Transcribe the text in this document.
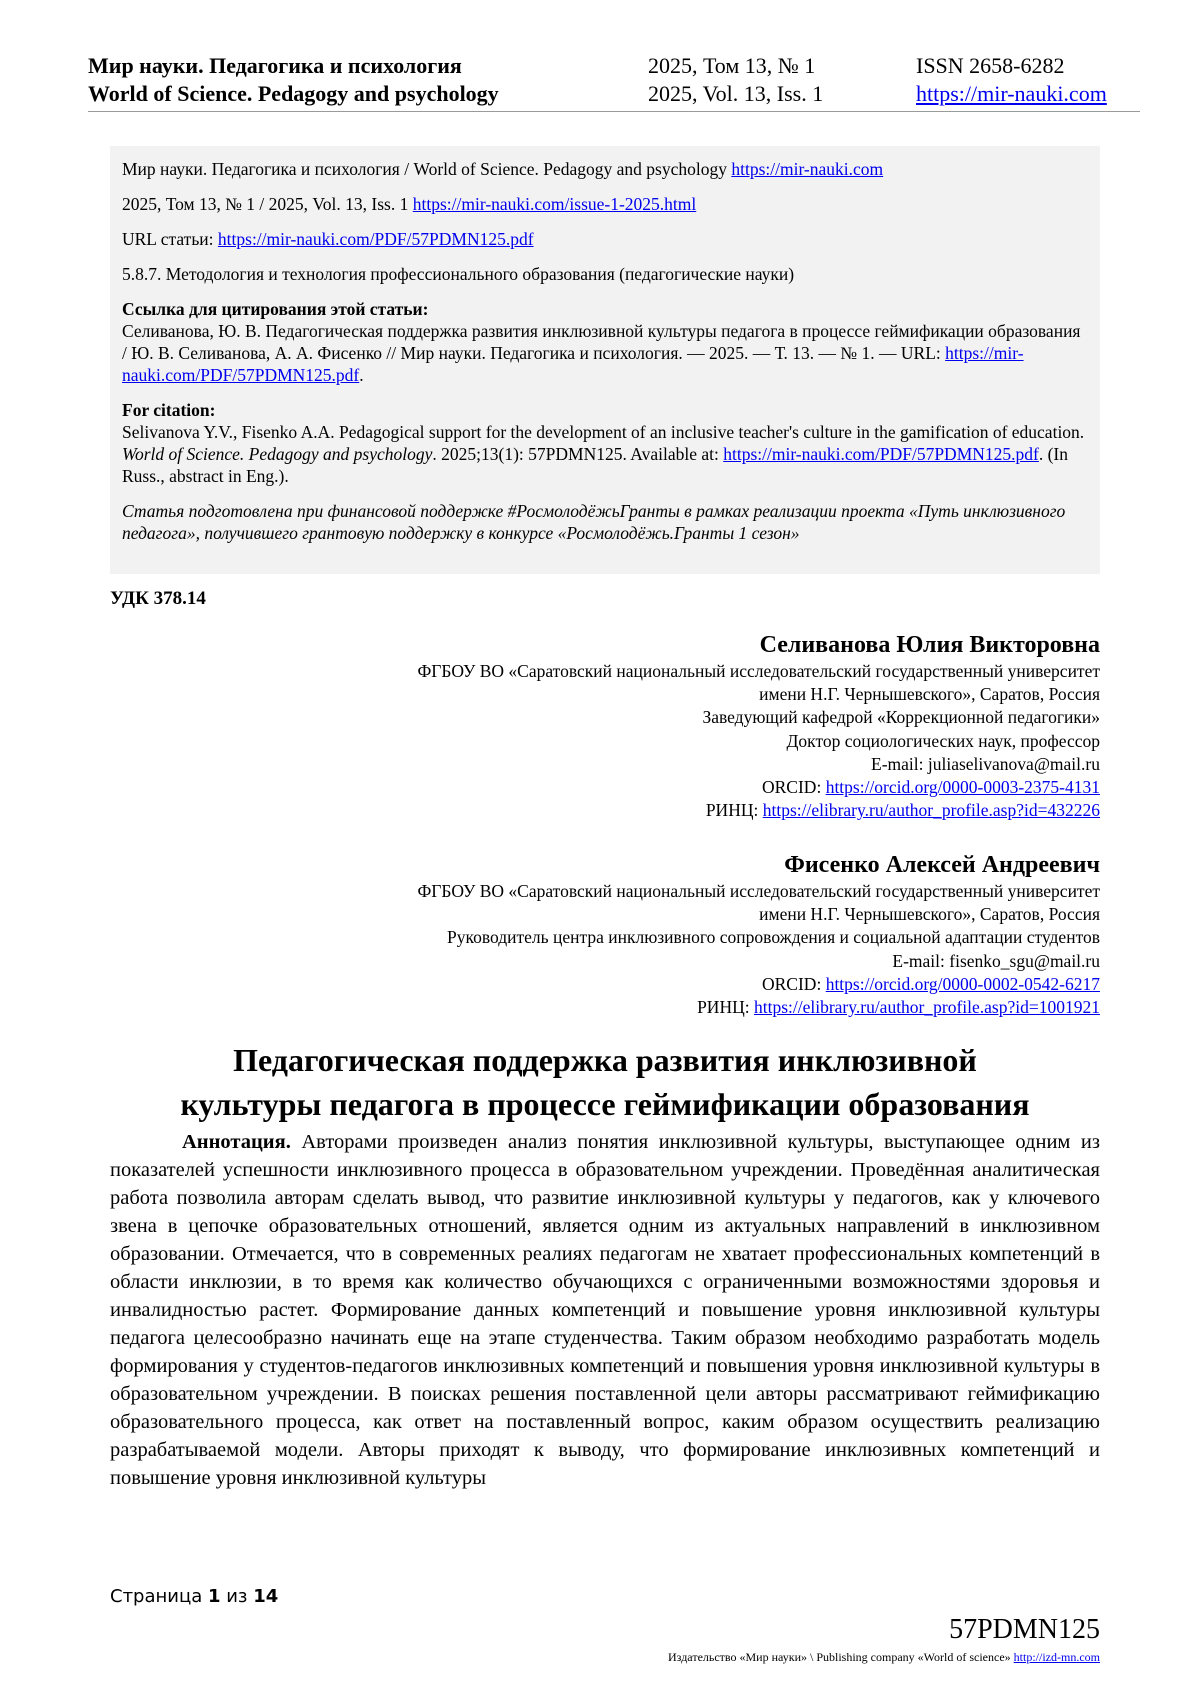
Мир науки. Педагогика и психология	2025, Том 13, № 1	ISSN 2658-6282
World of Science. Pedagogy and psychology	2025, Vol. 13, Iss. 1	https://mir-nauki.com

Мир науки. Педагогика и психология / World of Science. Pedagogy and psychology https://mir-nauki.com

2025, Том 13, № 1 / 2025, Vol. 13, Iss. 1 https://mir-nauki.com/issue-1-2025.html

URL статьи: https://mir-nauki.com/PDF/57PDMN125.pdf

5.8.7. Методология и технология профессионального образования (педагогические науки)

Ссылка для цитирования этой статьи:
Селиванова, Ю. В. Педагогическая поддержка развития инклюзивной культуры педагога в процессе геймификации образования / Ю. В. Селиванова, А. А. Фисенко // Мир науки. Педагогика и психология. — 2025. — Т. 13. — № 1. — URL: https://mir-nauki.com/PDF/57PDMN125.pdf.

For citation:
Selivanova Y.V., Fisenko A.A. Pedagogical support for the development of an inclusive teacher's culture in the gamification of education. World of Science. Pedagogy and psychology. 2025;13(1): 57PDMN125. Available at: https://mir-nauki.com/PDF/57PDMN125.pdf. (In Russ., abstract in Eng.).

Статья подготовлена при финансовой поддержке #РосмолодёжьГранты в рамках реализации проекта «Путь инклюзивного педагога», получившего грантовую поддержку в конкурсе «Росмолодёжь.Гранты 1 сезон»

УДК 378.14
Селиванова Юлия Викторовна
ФГБОУ ВО «Саратовский национальный исследовательский государственный университет
имени Н.Г. Чернышевского», Саратов, Россия
Заведующий кафедрой «Коррекционной педагогики»
Доктор социологических наук, профессор
E-mail: juliaselivanova@mail.ru
ORCID: https://orcid.org/0000-0003-2375-4131
РИНЦ: https://elibrary.ru/author_profile.asp?id=432226
Фисенко Алексей Андреевич
ФГБОУ ВО «Саратовский национальный исследовательский государственный университет
имени Н.Г. Чернышевского», Саратов, Россия
Руководитель центра инклюзивного сопровождения и социальной адаптации студентов
E-mail: fisenko_sgu@mail.ru
ORCID: https://orcid.org/0000-0002-0542-6217
РИНЦ: https://elibrary.ru/author_profile.asp?id=1001921
Педагогическая поддержка развития инклюзивной
культуры педагога в процессе геймификации образования

Аннотация. Авторами произведен анализ понятия инклюзивной культуры, выступающее одним из показателей успешности инклюзивного процесса в образовательном учреждении. Проведённая аналитическая работа позволила авторам сделать вывод, что развитие инклюзивной культуры у педагогов, как у ключевого звена в цепочке образовательных отношений, является одним из актуальных направлений в инклюзивном образовании. Отмечается, что в современных реалиях педагогам не хватает профессиональных компетенций в области инклюзии, в то время как количество обучающихся с ограниченными возможностями здоровья и инвалидностью растет. Формирование данных компетенций и повышение уровня инклюзивной культуры педагога целесообразно начинать еще на этапе студенчества. Таким образом необходимо разработать модель формирования у студентов-педагогов инклюзивных компетенций и повышения уровня инклюзивной культуры в образовательном учреждении. В поисках решения поставленной цели авторы рассматривают геймификацию образовательного процесса, как ответ на поставленный вопрос, каким образом осуществить реализацию разрабатываемой модели. Авторы приходят к выводу, что формирование инклюзивных компетенций и повышение уровня инклюзивной культуры

Страница 1 из 14
57PDMN125
Издательство «Мир науки» \ Publishing company «World of science» http://izd-mn.com
